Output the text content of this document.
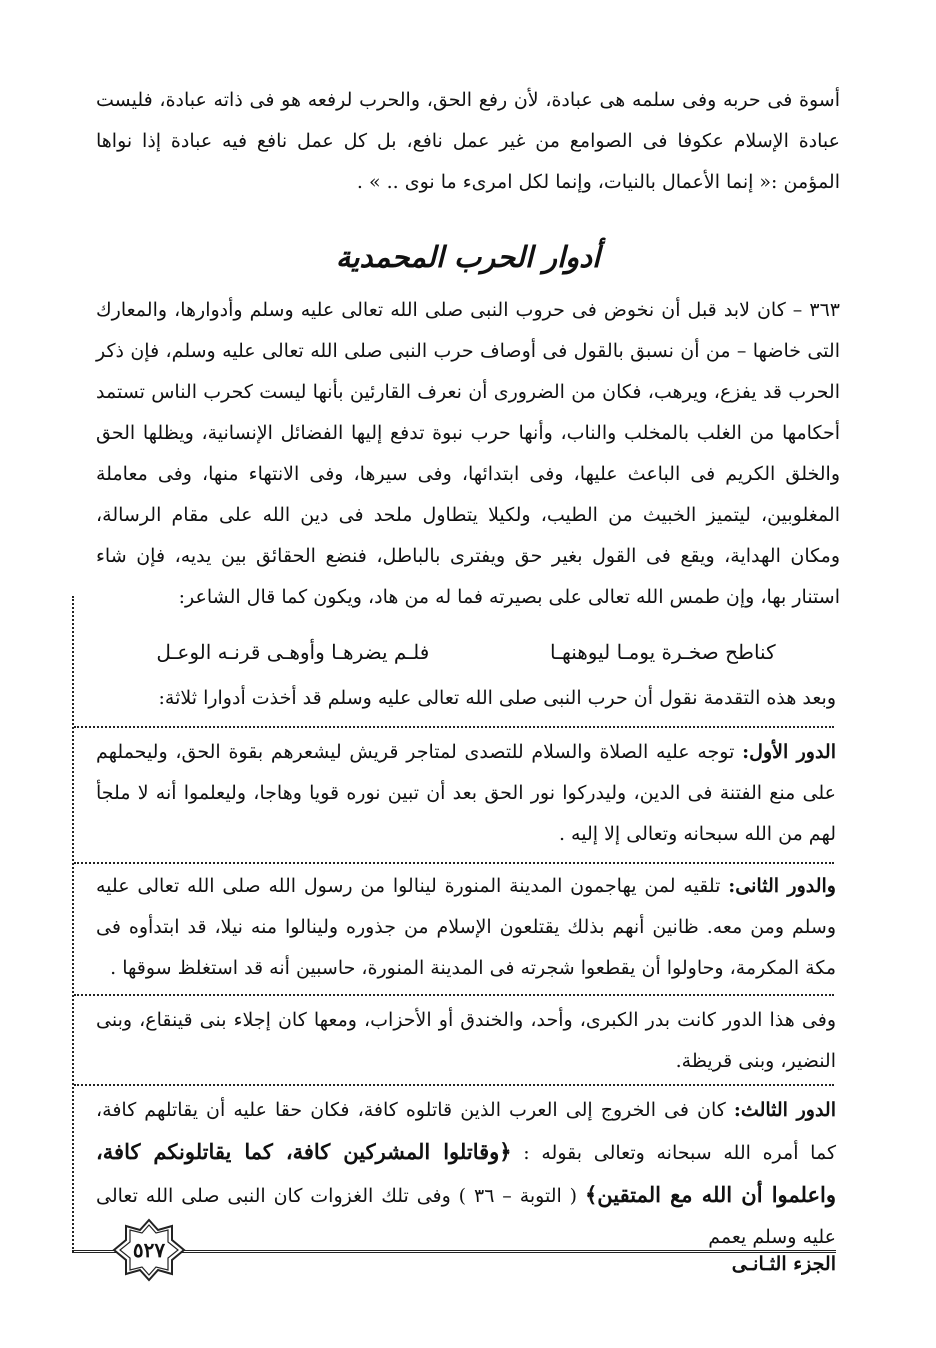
أسوة فى حربه وفى سلمه هى عبادة، لأن رفع الحق، والحرب لرفعه هو فى ذاته عبادة، فليست عبادة الإسلام عكوفا فى الصوامع من غير عمل نافع، بل كل عمل نافع فيه عبادة إذا نواها المؤمن :« إنما الأعمال بالنيات، وإنما لكل امرىء ما نوى .. » .

أدوار الحرب المحمدية

٣٦٣ – كان لابد قبل أن نخوض فى حروب النبى صلى الله تعالى عليه وسلم وأدوارها، والمعارك التى خاضها – من أن نسبق بالقول فى أوصاف حرب النبى صلى الله تعالى عليه وسلم، فإن ذكر الحرب قد يفزع، ويرهب، فكان من الضرورى أن نعرف القارئين بأنها ليست كحرب الناس تستمد أحكامها من الغلب بالمخلب والناب، وأنها حرب نبوة تدفع إليها الفضائل الإنسانية، ويظلها الحق والخلق الكريم فى الباعث عليها، وفى ابتدائها، وفى سيرها، وفى الانتهاء منها، وفى معاملة المغلوبين، ليتميز الخبيث من الطيب، ولكيلا يتطاول ملحد فى دين الله على مقام الرسالة، ومكان الهداية، ويقع فى القول بغير حق ويفترى بالباطل، فنضع الحقائق بين يديه، فإن شاء استنار بها، وإن طمس الله تعالى على بصيرته فما له من هاد، ويكون كما قال الشاعر:

كناطح صخـرة يومـا ليوهنهـا
فلـم يضرهـا وأوهـى قرنـه الوعـل

وبعد هذه التقدمة نقول أن حرب النبى صلى الله تعالى عليه وسلم قد أخذت أدوارا ثلاثة:

الدور الأول: توجه عليه الصلاة والسلام للتصدى لمتاجر قريش ليشعرهم بقوة الحق، وليحملهم على منع الفتنة فى الدين، وليدركوا نور الحق بعد أن تبين نوره قويا وهاجا، وليعلموا أنه لا ملجأ لهم من الله سبحانه وتعالى إلا إليه .

والدور الثانى: تلقيه لمن يهاجمون المدينة المنورة لينالوا من رسول الله صلى الله تعالى عليه وسلم ومن معه. ظانين أنهم بذلك يقتلعون الإسلام من جذوره ولينالوا منه نيلا، قد ابتدأوه فى مكة المكرمة، وحاولوا أن يقطعوا شجرته فى المدينة المنورة، حاسبين أنه قد استغلظ سوقها .

وفى هذا الدور كانت بدر الكبرى، وأحد، والخندق أو الأحزاب، ومعها كان إجلاء بنى قينقاع، وبنى النضير، وبنى قريظة.

الدور الثالث: كان فى الخروج إلى العرب الذين قاتلوه كافة، فكان حقا عليه أن يقاتلهم كافة، كما أمره الله سبحانه وتعالى بقوله : ﴿وقاتلوا المشركين كافة، كما يقاتلونكم كافة، واعلموا أن الله مع المتقين﴾ ( التوبة – ٣٦ ) وفى تلك الغزوات كان النبى صلى الله تعالى عليه وسلم يعمم

٥٢٧
الجزء الثـانـى
